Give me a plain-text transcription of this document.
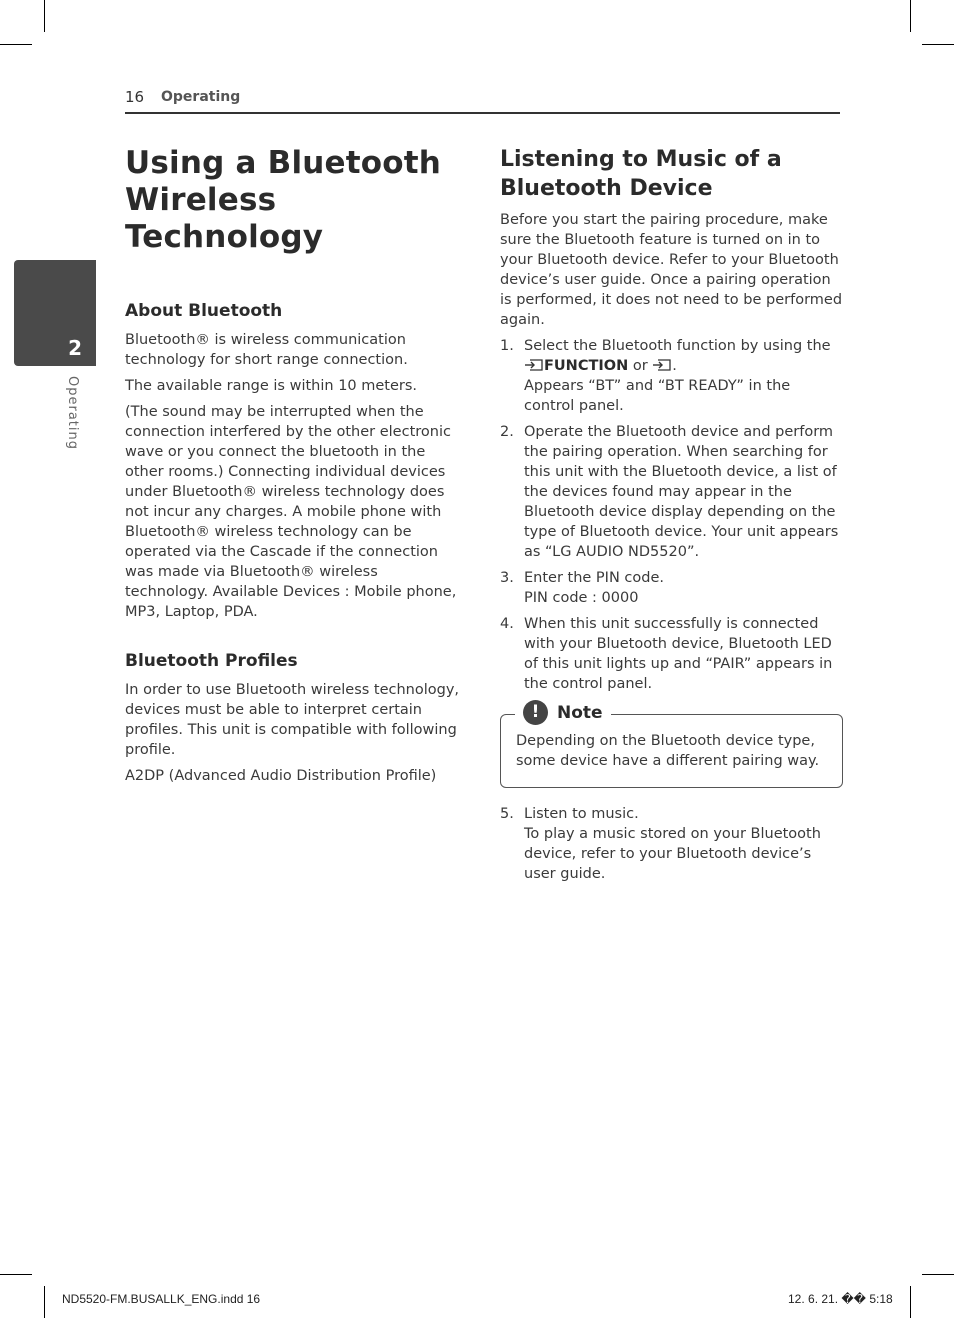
16 Operating
2
Operating
Using a Bluetooth
Wireless Technology
About Bluetooth

Bluetooth® is wireless communication technology for short range connection.

The available range is within 10 meters.

(The sound may be interrupted when the connection interfered by the other electronic wave or you connect the bluetooth in the other rooms.) Connecting individual devices under Bluetooth® wireless technology does not incur any charges. A mobile phone with Bluetooth® wireless technology can be operated via the Cascade if the connection was made via Bluetooth® wireless technology. Available Devices : Mobile phone, MP3, Laptop, PDA.

Bluetooth Profiles

In order to use Bluetooth wireless technology, devices must be able to interpret certain profiles. This unit is compatible with following profile.

A2DP (Advanced Audio Distribution Profile)

Listening to Music of a
Bluetooth Device

Before you start the pairing procedure, make sure the Bluetooth feature is turned on in to your Bluetooth device. Refer to your Bluetooth device’s user guide. Once a pairing operation is performed, it does not need to be performed again.

1. Select the Bluetooth function by using the
FUNCTION or .
Appears “BT” and “BT READY” in the control panel.
2. Operate the Bluetooth device and perform the pairing operation. When searching for this unit with the Bluetooth device, a list of the devices found may appear in the Bluetooth device display depending on the type of Bluetooth device. Your unit appears as “LG AUDIO ND5520”.
3. Enter the PIN code.
PIN code : 0000
4. When this unit successfully is connected with your Bluetooth device, Bluetooth LED of this unit lights up and “PAIR” appears in the control panel.
!	Note
Depending on the Bluetooth device type, some device have a different pairing way.
5. Listen to music.
To play a music stored on your Bluetooth device, refer to your Bluetooth device’s user guide.
ND5520-FM.BUSALLK_ENG.indd 16	12. 6. 21. �� 5:18
